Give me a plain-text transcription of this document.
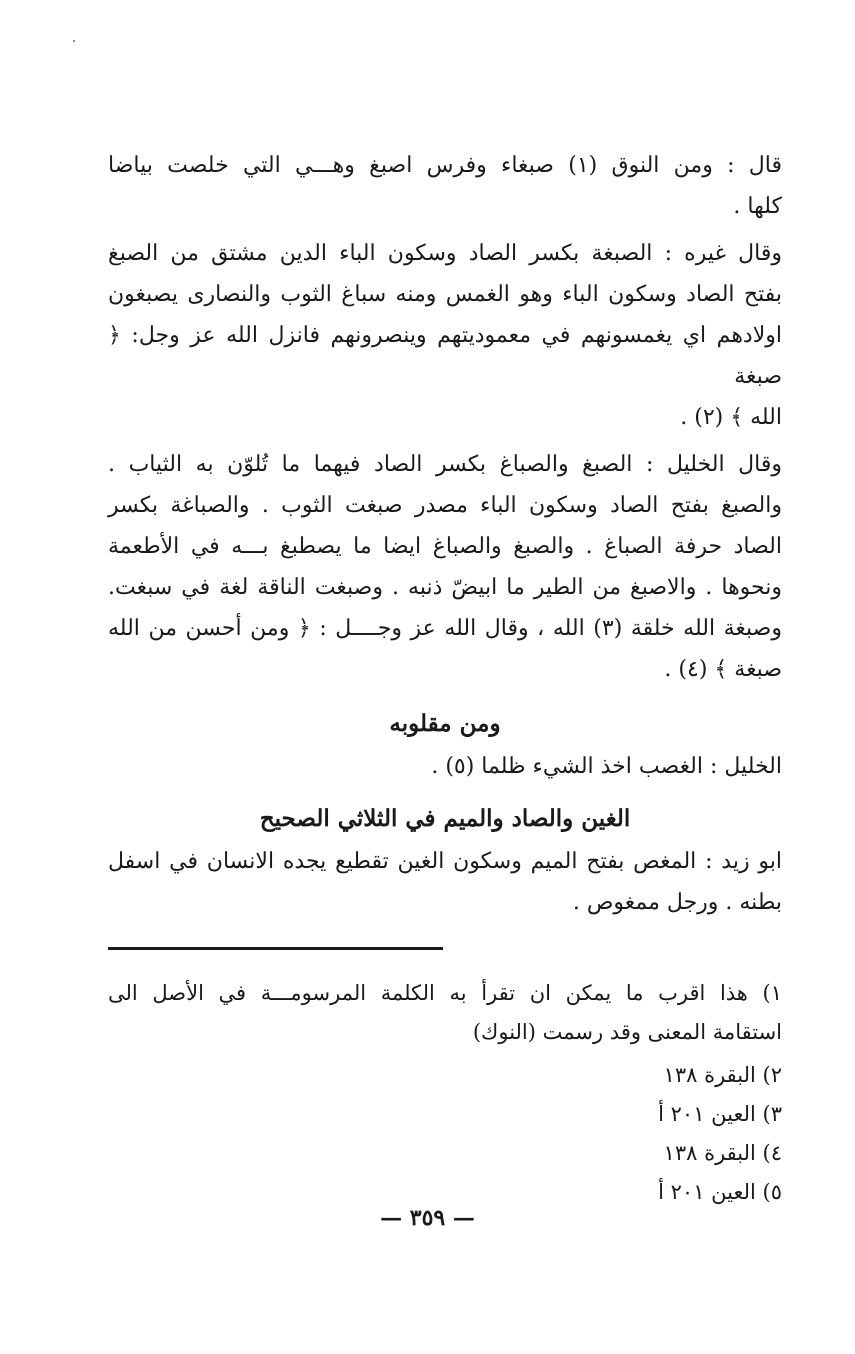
قال : ومن النوق (١) صبغاء وفرس اصبغ وهـــي التي خلصت بياضا
كلها .
وقال غيره : الصبغة بكسر الصاد وسكون الباء الدين مشتق من الصبغ
بفتح الصاد وسكون الباء وهو الغمس ومنه سباغ الثوب والنصارى يصبغون
اولادهم اي يغمسونهم في معموديتهم وينصرونهم فانزل الله عز وجل: ﴿ صبغة
الله ﴾ (٢) .
وقال الخليل : الصبغ والصباغ بكسر الصاد فيهما ما تُلوّن به الثياب .
والصبغ بفتح الصاد وسكون الباء مصدر صبغت الثوب . والصباغة بكسر
الصاد حرفة الصباغ . والصبغ والصباغ ايضا ما يصطبغ بـــه في الأطعمة
ونحوها . والاصبغ من الطير ما ابيضّ ذنبه . وصبغت الناقة لغة في سبغت.
وصبغة الله خلقة (٣) الله ، وقال الله عز وجــــل : ﴿ ومن أحسن من الله
صبغة ﴾ (٤) .
ومن مقلوبه
الخليل : الغصب اخذ الشيء ظلما (٥) .
الغين والصاد والميم في الثلاثي الصحيح
ابو زيد : المغص بفتح الميم وسكون الغين تقطيع يجده الانسان في اسفل
بطنه . ورجل ممغوص .
١) هذا اقرب ما يمكن ان تقرأ به الكلمة المرسومـــة في الأصل الى
استقامة المعنى وقد رسمت (النوك)
٢) البقرة ١٣٨
٣) العين ٢٠١ أ
٤) البقرة ١٣٨
٥) العين ٢٠١ أ
— ٣٥٩ —
